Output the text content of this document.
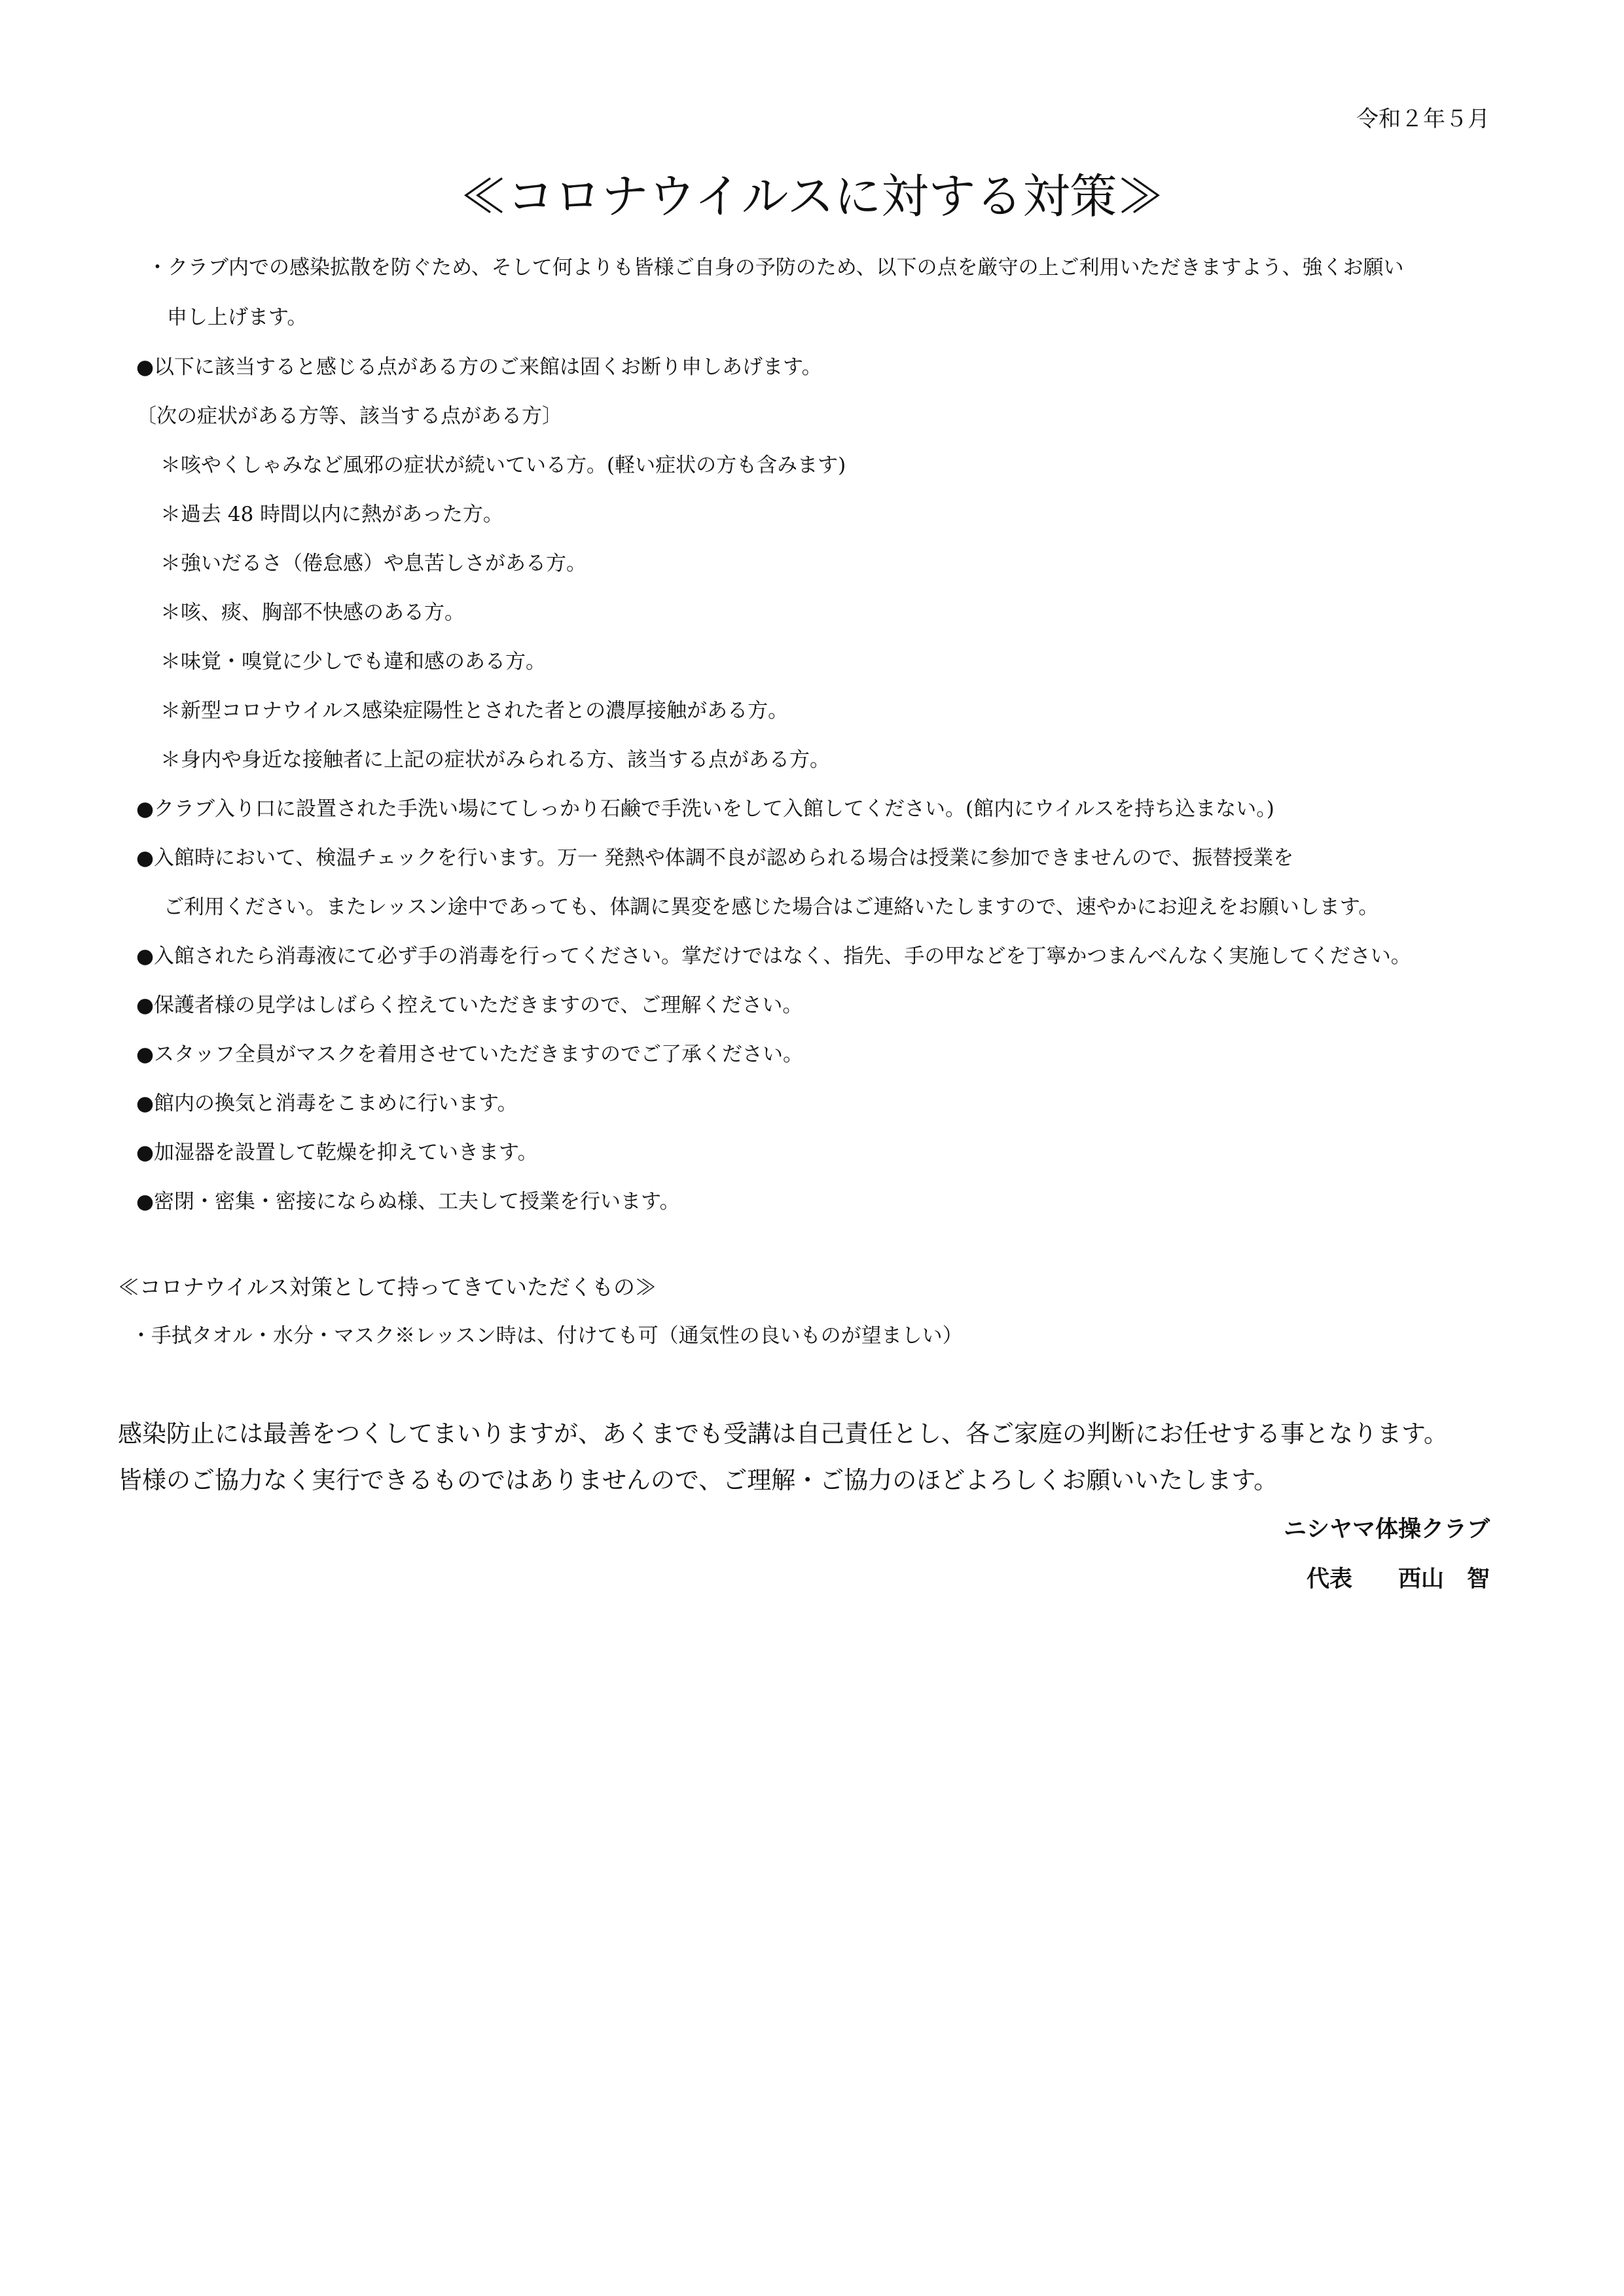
令和２年５月
≪コロナウイルスに対する対策≫
・クラブ内での感染拡散を防ぐため、そして何よりも皆様ご自身の予防のため、以下の点を厳守の上ご利用いただきますよう、強くお願い
申し上げます。
●以下に該当すると感じる点がある方のご来館は固くお断り申しあげます。
〔次の症状がある方等、該当する点がある方〕
＊咳やくしゃみなど風邪の症状が続いている方。(軽い症状の方も含みます)
＊過去 48 時間以内に熱があった方。
＊強いだるさ（倦怠感）や息苦しさがある方。
＊咳、痰、胸部不快感のある方。
＊味覚・嗅覚に少しでも違和感のある方。
＊新型コロナウイルス感染症陽性とされた者との濃厚接触がある方。
＊身内や身近な接触者に上記の症状がみられる方、該当する点がある方。
●クラブ入り口に設置された手洗い場にてしっかり石鹸で手洗いをして入館してください。(館内にウイルスを持ち込まない。)
●入館時において、検温チェックを行います。万一 発熱や体調不良が認められる場合は授業に参加できませんので、振替授業を
ご利用ください。またレッスン途中であっても、体調に異変を感じた場合はご連絡いたしますので、速やかにお迎えをお願いします。
●入館されたら消毒液にて必ず手の消毒を行ってください。掌だけではなく、指先、手の甲などを丁寧かつまんべんなく実施してください。
●保護者様の見学はしばらく控えていただきますので、ご理解ください。
●スタッフ全員がマスクを着用させていただきますのでご了承ください。
●館内の換気と消毒をこまめに行います。
●加湿器を設置して乾燥を抑えていきます。
●密閉・密集・密接にならぬ様、工夫して授業を行います。
≪コロナウイルス対策として持ってきていただくもの≫
・手拭タオル・水分・マスク※レッスン時は、付けても可（通気性の良いものが望ましい）
感染防止には最善をつくしてまいりますが、あくまでも受講は自己責任とし、各ご家庭の判断にお任せする事となります。
皆様のご協力なく実行できるものではありませんので、ご理解・ご協力のほどよろしくお願いいたします。
ニシヤマ体操クラブ
代表　　西山　智
